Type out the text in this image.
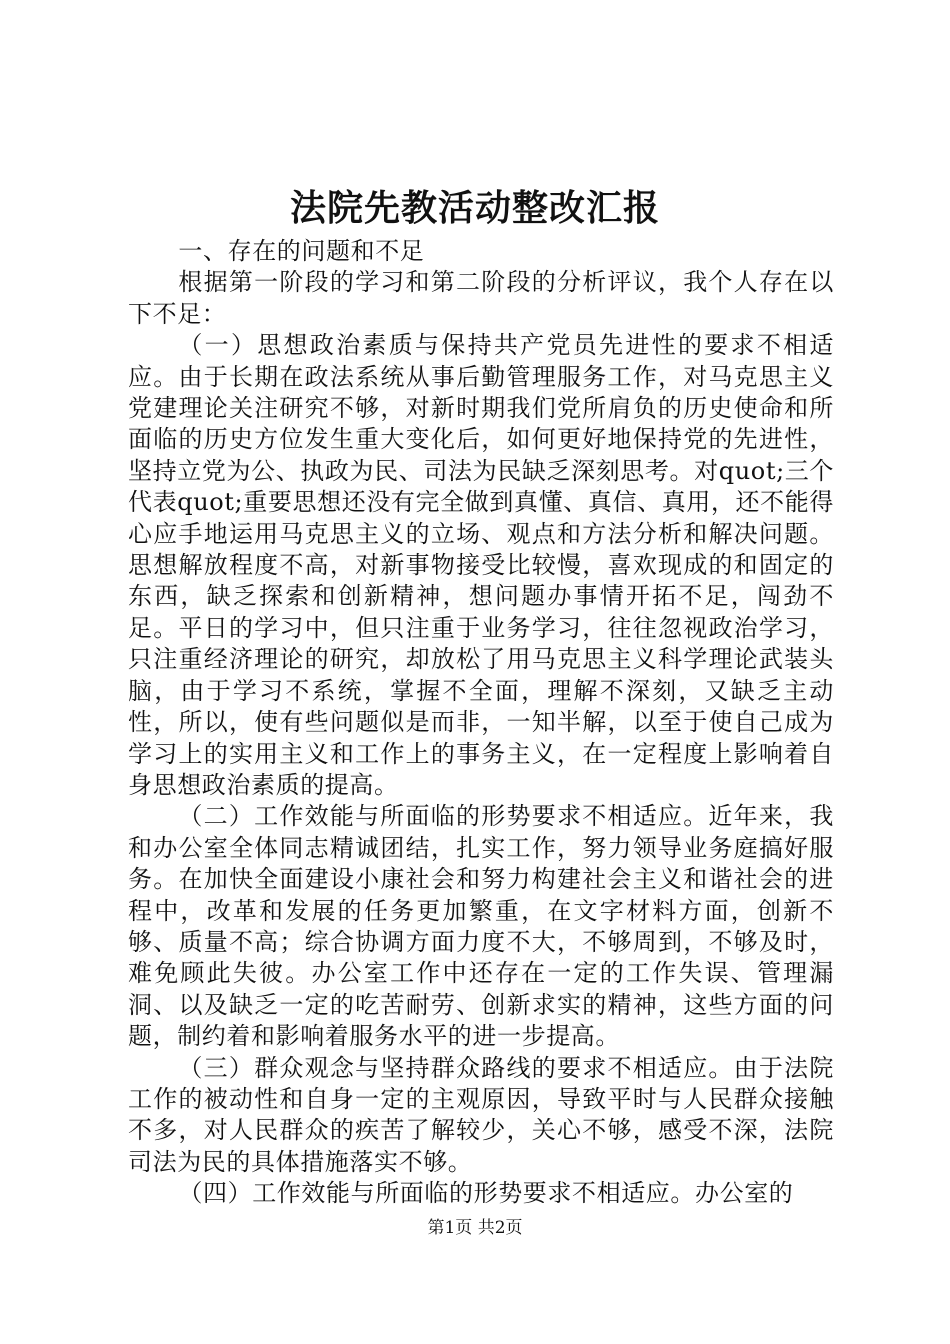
法院先教活动整改汇报

一、存在的问题和不足

根据第一阶段的学习和第二阶段的分析评议，我个人存在以下不足：

（一）思想政治素质与保持共产党员先进性的要求不相适应。由于长期在政法系统从事后勤管理服务工作，对马克思主义党建理论关注研究不够，对新时期我们党所肩负的历史使命和所面临的历史方位发生重大变化后，如何更好地保持党的先进性，坚持立党为公、执政为民、司法为民缺乏深刻思考。对quot;三个代表quot;重要思想还没有完全做到真懂、真信、真用，还不能得心应手地运用马克思主义的立场、观点和方法分析和解决问题。思想解放程度不高，对新事物接受比较慢，喜欢现成的和固定的东西，缺乏探索和创新精神，想问题办事情开拓不足，闯劲不足。平日的学习中，但只注重于业务学习，往往忽视政治学习，只注重经济理论的研究，却放松了用马克思主义科学理论武装头脑，由于学习不系统，掌握不全面，理解不深刻，又缺乏主动性，所以，使有些问题似是而非，一知半解，以至于使自己成为学习上的实用主义和工作上的事务主义，在一定程度上影响着自身思想政治素质的提高。

（二）工作效能与所面临的形势要求不相适应。近年来，我和办公室全体同志精诚团结，扎实工作，努力领导业务庭搞好服务。在加快全面建设小康社会和努力构建社会主义和谐社会的进程中，改革和发展的任务更加繁重，在文字材料方面，创新不够、质量不高；综合协调方面力度不大，不够周到，不够及时，难免顾此失彼。办公室工作中还存在一定的工作失误、管理漏洞、以及缺乏一定的吃苦耐劳、创新求实的精神，这些方面的问题，制约着和影响着服务水平的进一步提高。

（三）群众观念与坚持群众路线的要求不相适应。由于法院工作的被动性和自身一定的主观原因，导致平时与人民群众接触不多，对人民群众的疾苦了解较少，关心不够，感受不深，法院司法为民的具体措施落实不够。

（四）工作效能与所面临的形势要求不相适应。办公室的

第1页 共2页
